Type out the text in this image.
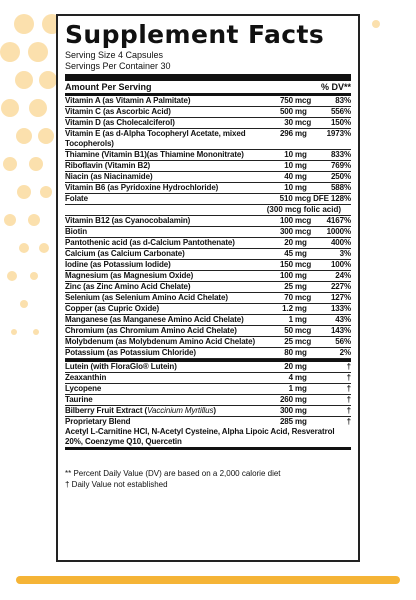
Supplement Facts
Serving Size 4 Capsules
Servings Per Container 30
Amount Per Serving	% DV**
Vitamin A (as Vitamin A Palmitate)	750 mcg	83%
Vitamin C (as Ascorbic Acid)	500 mg	556%
Vitamin D (as Cholecalciferol)	30 mcg	150%
Vitamin E (as d-Alpha Tocopheryl Acetate, mixed Tocopherols)
296 mg	1973%
Thiamine (Vitamin B1)(as Thiamine Mononitrate)	10 mg	833%
Riboflavin (Vitamin B2)	10 mg	769%
Niacin (as Niacinamide)	40 mg	250%
Vitamin B6 (as Pyridoxine Hydrochloride)	10 mg	588%
Folate	510 mcg DFE 128%
(300 mcg folic acid)
Vitamin B12 (as Cyanocobalamin)	100 mcg	4167%
Biotin	300 mcg	1000%
Pantothenic acid (as d-Calcium Pantothenate)	20 mg	400%
Calcium (as Calcium Carbonate)	45 mg	3%
Iodine (as Potassium Iodide)	150 mcg	100%
Magnesium (as Magnesium Oxide)	100 mg	24%
Zinc (as Zinc Amino Acid Chelate)	25 mg	227%
Selenium (as Selenium Amino Acid Chelate)	70 mcg	127%
Copper (as Cupric Oxide)	1.2 mg	133%
Manganese (as Manganese Amino Acid Chelate)	1 mg	43%
Chromium (as Chromium Amino Acid Chelate)	50 mcg	143%
Molybdenum (as Molybdenum Amino Acid Chelate)	25 mcg	56%
Potassium (as Potassium Chloride)	80 mg	2%
Lutein (with FloraGlo® Lutein)	20 mg	†
Zeaxanthin	4 mg	†
Lycopene	1 mg	†
Taurine	260 mg	†
Bilberry Fruit Extract (Vaccinium Myrtillus)	300 mg	†
Proprietary Blend	285 mg	†
Acetyl L-Carnitine HCl, N-Acetyl Cysteine, Alpha Lipoic Acid, Resveratrol 20%, Coenzyme Q10, Quercetin
** Percent Daily Value (DV) are based on a 2,000 calorie diet
† Daily Value not established
